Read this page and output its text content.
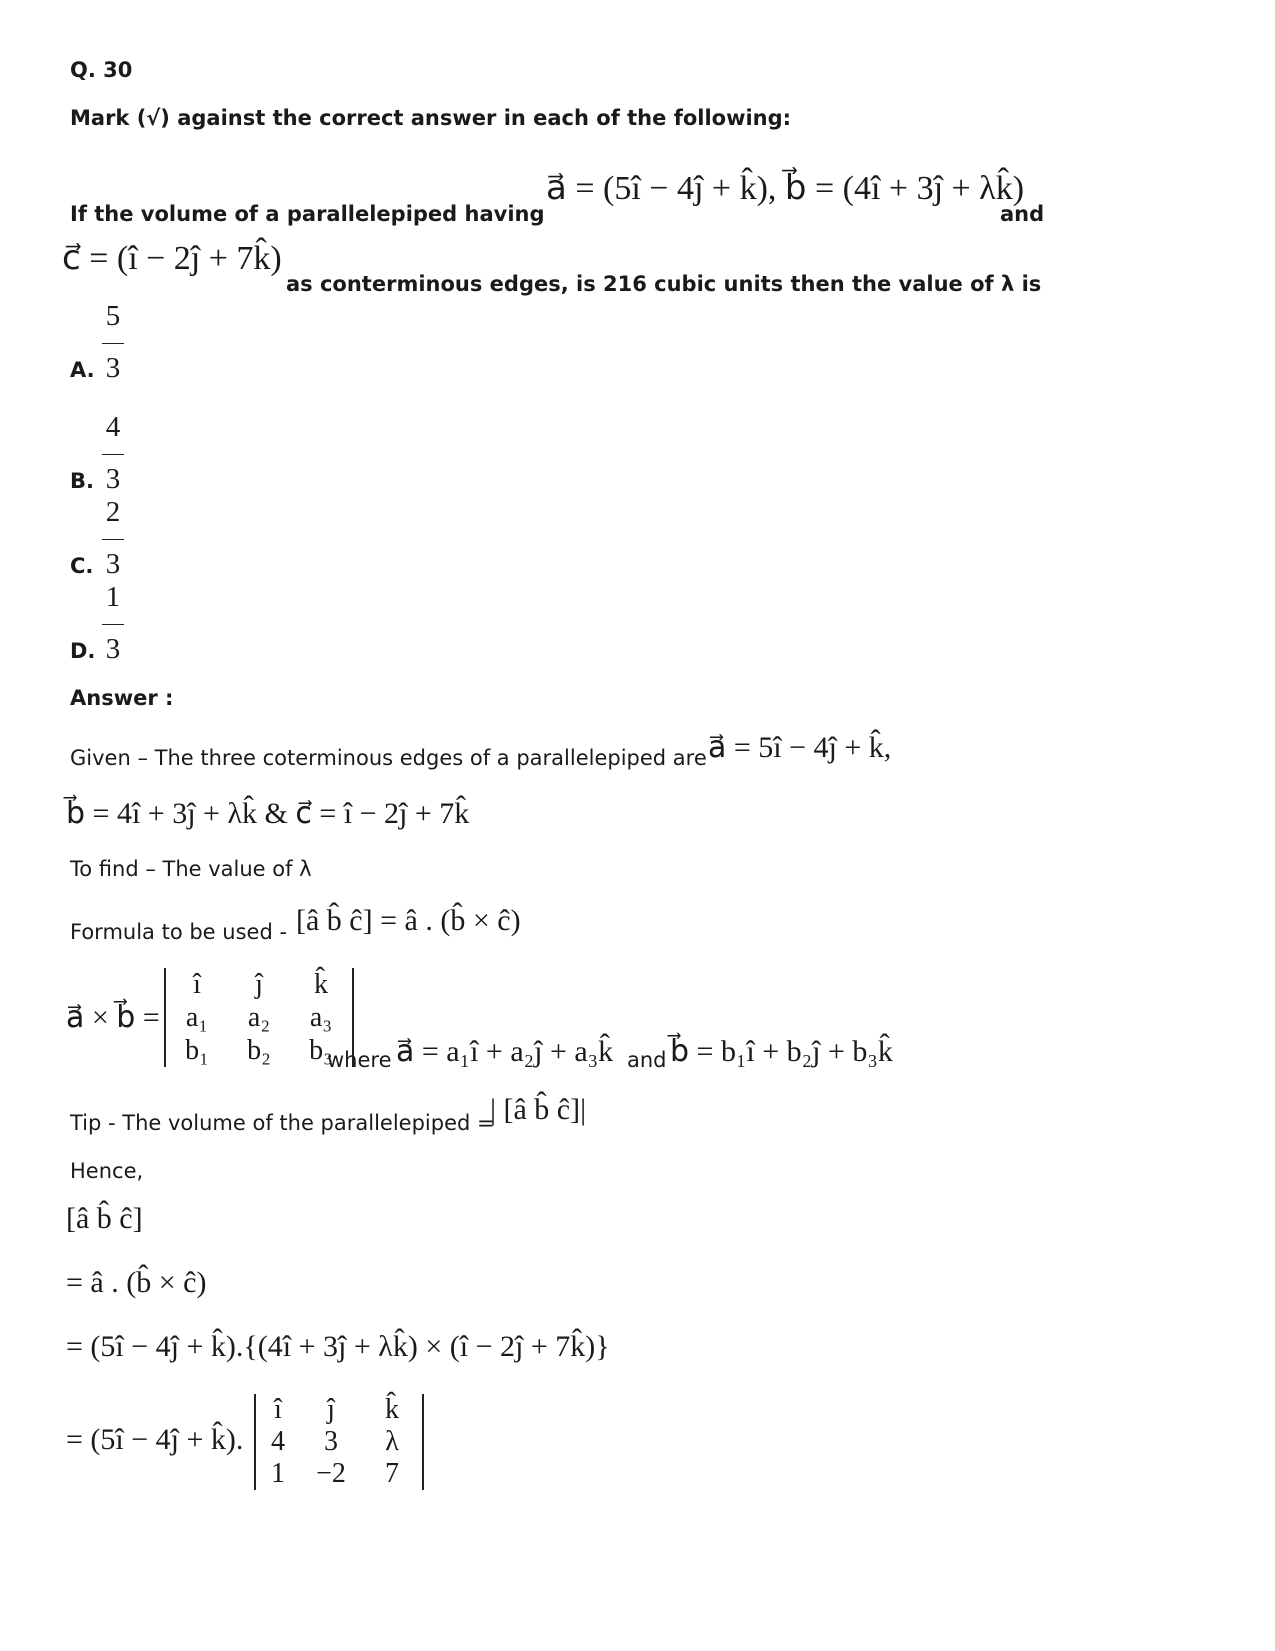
Q. 30
Mark (√) against the correct answer in each of the following:
If the volume of a parallelepiped having
a⃗ = (5î − 4ĵ + k̂), b⃗ = (4î + 3ĵ + λk̂)
and
c⃗ = (î − 2ĵ + 7k̂)
as conterminous edges, is 216 cubic units then the value of λ is
A.
5
3
B.
4
3
C.
2
3
D.
1
3
Answer :
Given – The three coterminous edges of a parallelepiped are a⃗ = 5î − 4ĵ + k̂,
b⃗ = 4î + 3ĵ + λk̂ & c⃗ = î − 2ĵ + 7k̂
To find – The value of λ
Formula to be used - [â b̂ ĉ] = â . (b̂ × ĉ)
a⃗ × b⃗ =
î	ĵ	k̂
a₁	a₂	a₃
b₁	b₂	b₃
where a⃗ = a₁î + a₂ĵ + a₃k̂ and b⃗ = b₁î + b₂ĵ + b₃k̂
Tip - The volume of the parallelepiped =
| [â b̂ ĉ]|
Hence,
[â b̂ ĉ]
= â . (b̂ × ĉ)
= (5î − 4ĵ + k̂).{(4î + 3ĵ + λk̂) × (î − 2ĵ + 7k̂)}
= (5î − 4ĵ + k̂).
î	ĵ	k̂
4	3	λ
1	−2	7
